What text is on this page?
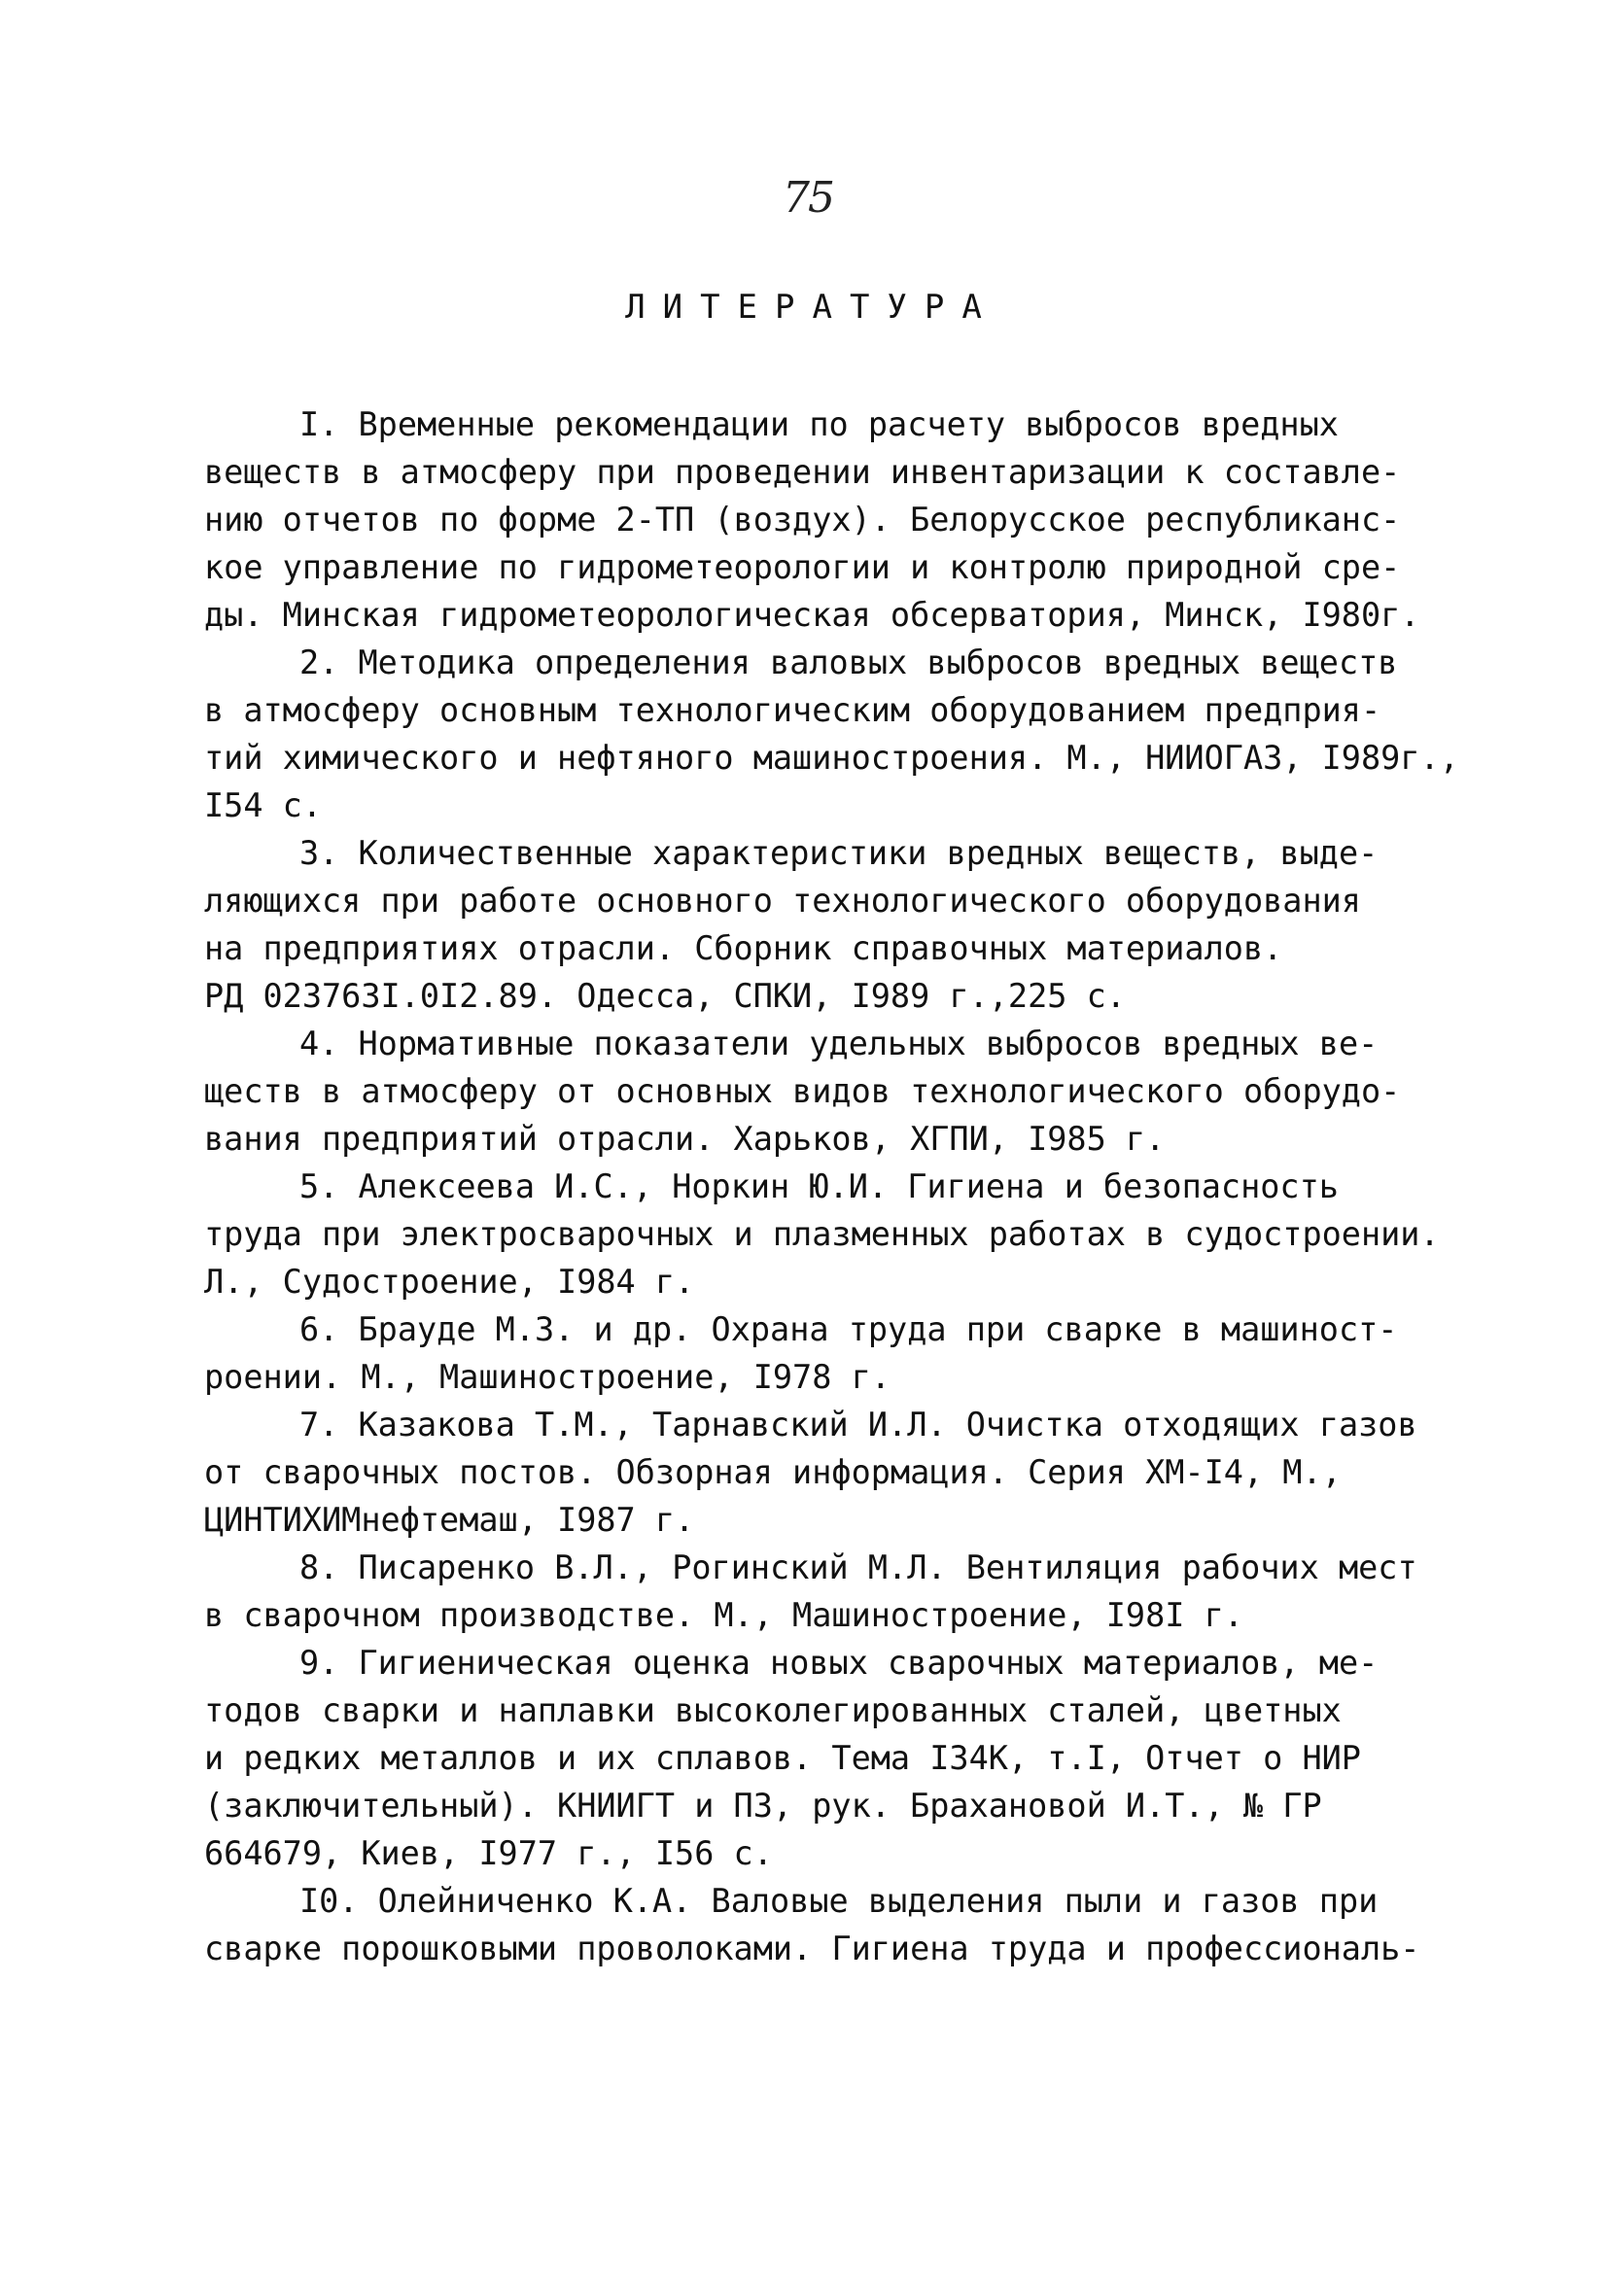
75
ЛИТЕРАТУРА
I. Временные рекомендации по расчету выбросов вредных
веществ в атмосферу при проведении инвентаризации к составле-
нию отчетов по форме 2-ТП (воздух). Белорусское республиканс-
кое управление по гидрометеорологии и контролю природной сре-
ды. Минская гидрометеорологическая обсерватория, Минск, I980г.
2. Методика определения валовых выбросов вредных веществ
в атмосферу основным технологическим оборудованием предприя-
тий химического и нефтяного машиностроения. М., НИИОГАЗ, I989г.,
I54 с.
3. Количественные характеристики вредных веществ, выде-
ляющихся при работе основного технологического оборудования
на предприятиях отрасли. Сборник справочных материалов.
РД 023763I.0I2.89. Одесса, СПКИ, I989 г.,225 с.
4. Нормативные показатели удельных выбросов вредных ве-
ществ в атмосферу от основных видов технологического оборудо-
вания предприятий отрасли. Харьков, ХГПИ, I985 г.
5. Алексеева И.С., Норкин Ю.И. Гигиена и безопасность
труда при электросварочных и плазменных работах в судостроении.
Л., Судостроение, I984 г.
6. Брауде М.З. и др. Охрана труда при сварке в машиност-
роении. М., Машиностроение, I978 г.
7. Казакова Т.М., Тарнавский И.Л. Очистка отходящих газов
от сварочных постов. Обзорная информация. Серия ХМ-I4, М.,
ЦИНТИХИМнефтемаш, I987 г.
8. Писаренко В.Л., Рогинский М.Л. Вентиляция рабочих мест
в сварочном производстве. М., Машиностроение, I98I г.
9. Гигиеническая оценка новых сварочных материалов, ме-
тодов сварки и наплавки высоколегированных сталей, цветных
и редких металлов и их сплавов. Тема I34К, т.I, Отчет о НИР
(заключительный). КНИИГТ и ПЗ, рук. Брахановой И.Т., № ГР
664679, Киев, I977 г., I56 с.
I0. Олейниченко К.А. Валовые выделения пыли и газов при
сварке порошковыми проволоками. Гигиена труда и профессиональ-
